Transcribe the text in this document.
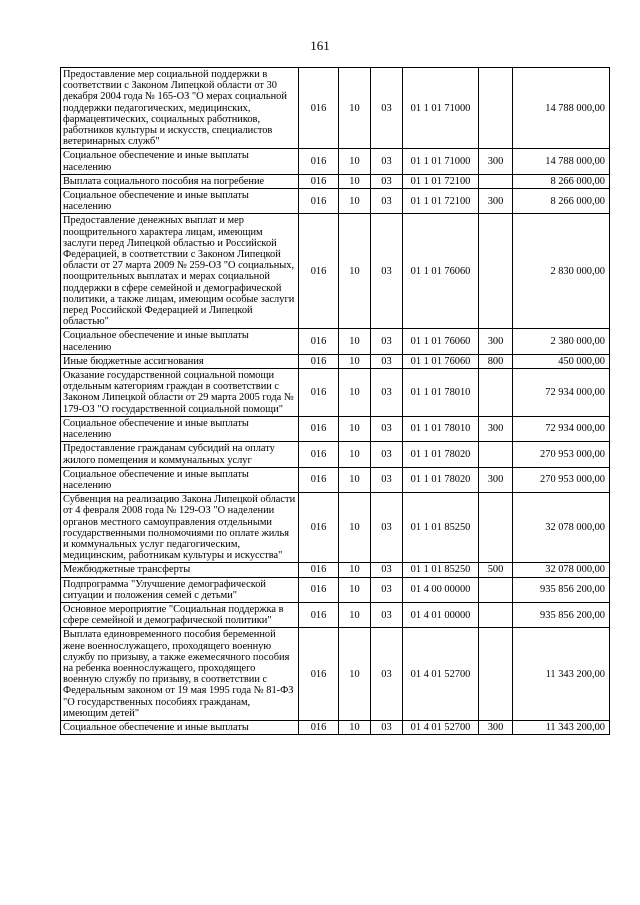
161
Предоставление мер социальной поддержки в соответствии с Законом Липецкой области от 30 декабря 2004 года № 165-ОЗ "О мерах социальной поддержки педагогических, медицинских, фармацевтических, социальных работников, работников культуры и искусств, специалистов ветеринарных служб"	016	10	03	01 1 01 71000		14 788 000,00
Социальное обеспечение и иные выплаты населению	016	10	03	01 1 01 71000	300	14 788 000,00
Выплата социального пособия на погребение	016	10	03	01 1 01 72100		8 266 000,00
Социальное обеспечение и иные выплаты населению	016	10	03	01 1 01 72100	300	8 266 000,00
Предоставление денежных выплат и мер поощрительного характера лицам, имеющим заслуги перед Липецкой областью и Российской Федерацией, в соответствии с Законом Липецкой области от 27 марта 2009 № 259-ОЗ "О социальных, поощрительных выплатах и мерах социальной поддержки в сфере семейной и демографической политики, а также лицам, имеющим особые заслуги перед Российской Федерацией и Липецкой областью"	016	10	03	01 1 01 76060		2 830 000,00
Социальное обеспечение и иные выплаты населению	016	10	03	01 1 01 76060	300	2 380 000,00
Иные бюджетные ассигнования	016	10	03	01 1 01 76060	800	450 000,00
Оказание государственной социальной помощи отдельным категориям граждан в соответствии с Законом Липецкой области от 29 марта 2005 года № 179-ОЗ "О государственной социальной помощи"	016	10	03	01 1 01 78010		72 934 000,00
Социальное обеспечение и иные выплаты населению	016	10	03	01 1 01 78010	300	72 934 000,00
Предоставление гражданам субсидий на оплату жилого помещения и коммунальных услуг	016	10	03	01 1 01 78020		270 953 000,00
Социальное обеспечение и иные выплаты населению	016	10	03	01 1 01 78020	300	270 953 000,00
Субвенция на реализацию Закона Липецкой области от 4 февраля 2008 года № 129-ОЗ "О наделении органов местного самоуправления отдельными государственными полномочиями по оплате жилья и коммунальных услуг педагогическим, медицинским, работникам культуры и искусства"	016	10	03	01 1 01 85250		32 078 000,00
Межбюджетные трансферты	016	10	03	01 1 01 85250	500	32 078 000,00
Подпрограмма "Улучшение демографической ситуации и положения семей с детьми"	016	10	03	01 4 00 00000		935 856 200,00
Основное мероприятие "Социальная поддержка в сфере семейной и демографической политики"	016	10	03	01 4 01 00000		935 856 200,00
Выплата единовременного пособия беременной жене военнослужащего, проходящего военную службу по призыву, а также ежемесячного пособия на ребенка военнослужащего, проходящего военную службу по призыву, в соответствии с Федеральным законом от 19 мая 1995 года № 81-ФЗ "О государственных пособиях гражданам, имеющим детей"	016	10	03	01 4 01 52700		11 343 200,00
Социальное обеспечение и иные выплаты	016	10	03	01 4 01 52700	300	11 343 200,00
